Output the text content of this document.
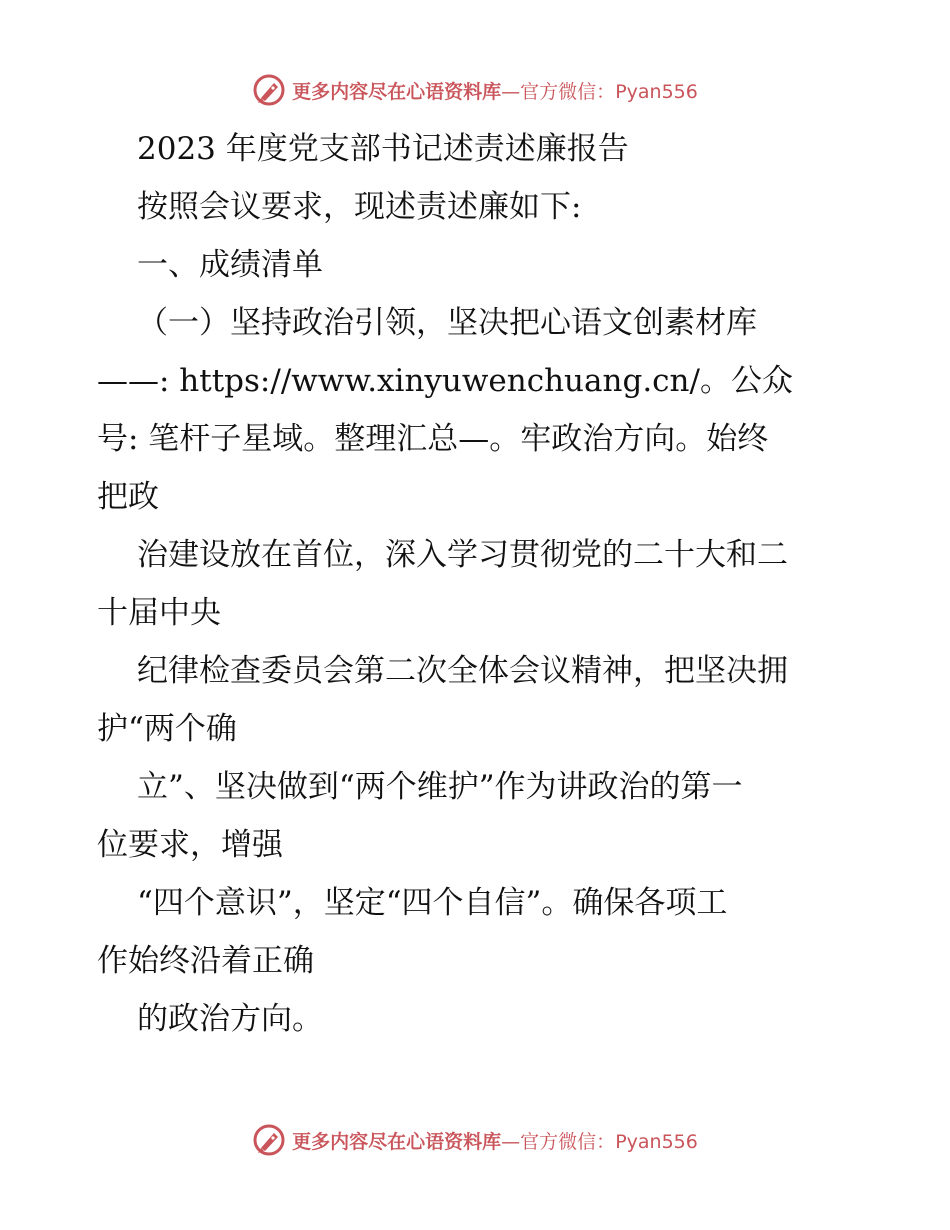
更多内容尽在心语资料库—官方微信：Pyan556
2023 年度党支部书记述责述廉报告
按照会议要求，现述责述廉如下:
一、成绩清单
（一）坚持政治引领，坚决把心语文创素材库
——: https://www.xinyuwenchuang.cn/。公众
号: 笔杆子星域。整理汇总—。牢政治方向。始终
把政
治建设放在首位，深入学习贯彻党的二十大和二
十届中央
纪律检查委员会第二次全体会议精神，把坚决拥
护“两个确
立”、坚决做到“两个维护”作为讲政治的第一
位要求，增强
“四个意识”，坚定“四个自信”。确保各项工
作始终沿着正确
的政治方向。
更多内容尽在心语资料库—官方微信：Pyan556
